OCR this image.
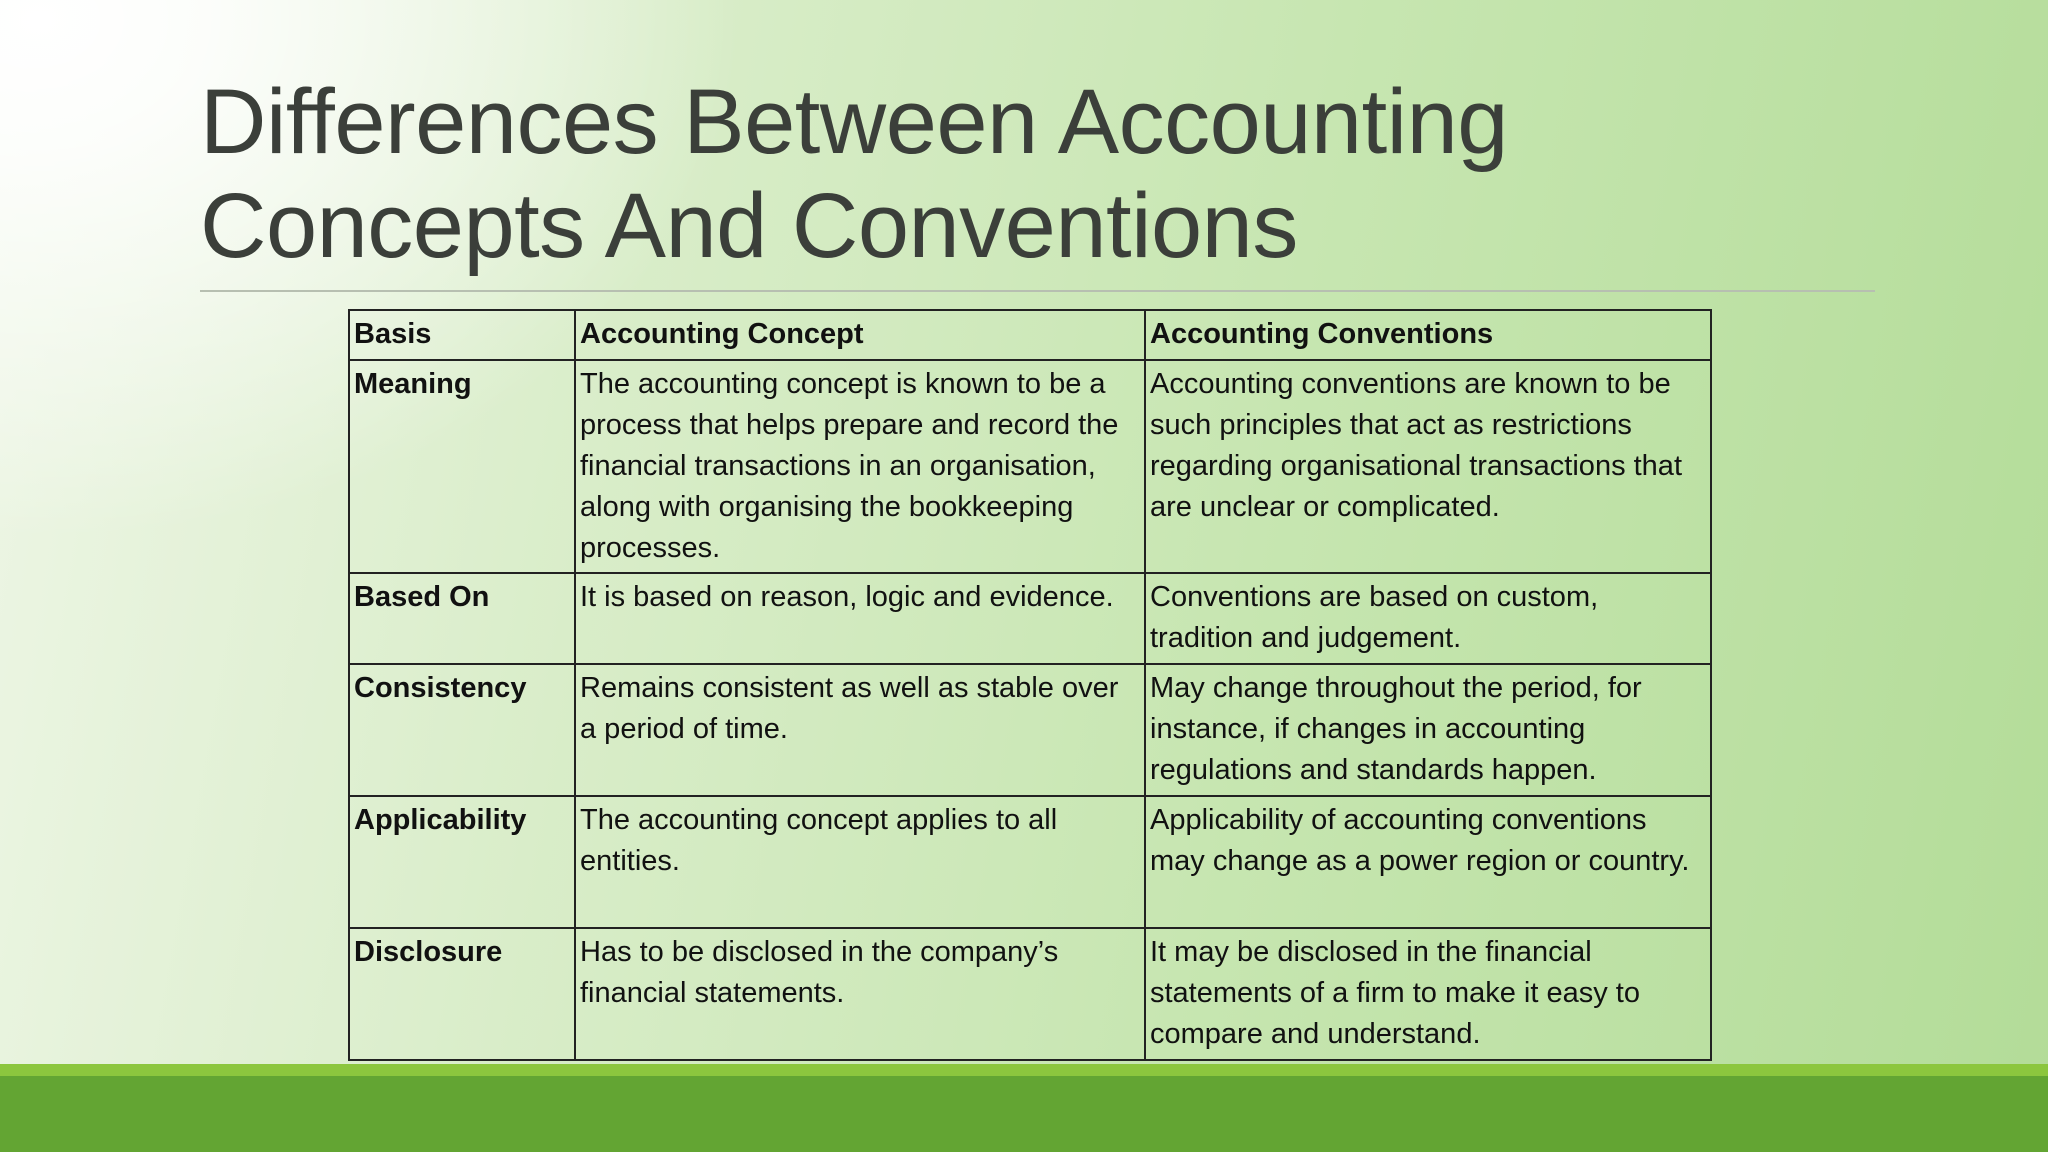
Differences Between Accounting
Concepts And Conventions
Basis	Accounting Concept	Accounting Conventions
Meaning	The accounting concept is known to be a process that helps prepare and record the financial transactions in an organisation, along with organising the bookkeeping processes.	Accounting conventions are known to be such principles that act as restrictions regarding organisational transactions that are unclear or complicated.
Based On	It is based on reason, logic and evidence.	Conventions are based on custom, tradition and judgement.
Consistency	Remains consistent as well as stable over a period of time.	May change throughout the period, for instance, if changes in accounting regulations and standards happen.
Applicability	The accounting concept applies to all entities.	Applicability of accounting conventions may change as a power region or country.
Disclosure	Has to be disclosed in the company’s financial statements.	It may be disclosed in the financial statements of a firm to make it easy to compare and understand.
